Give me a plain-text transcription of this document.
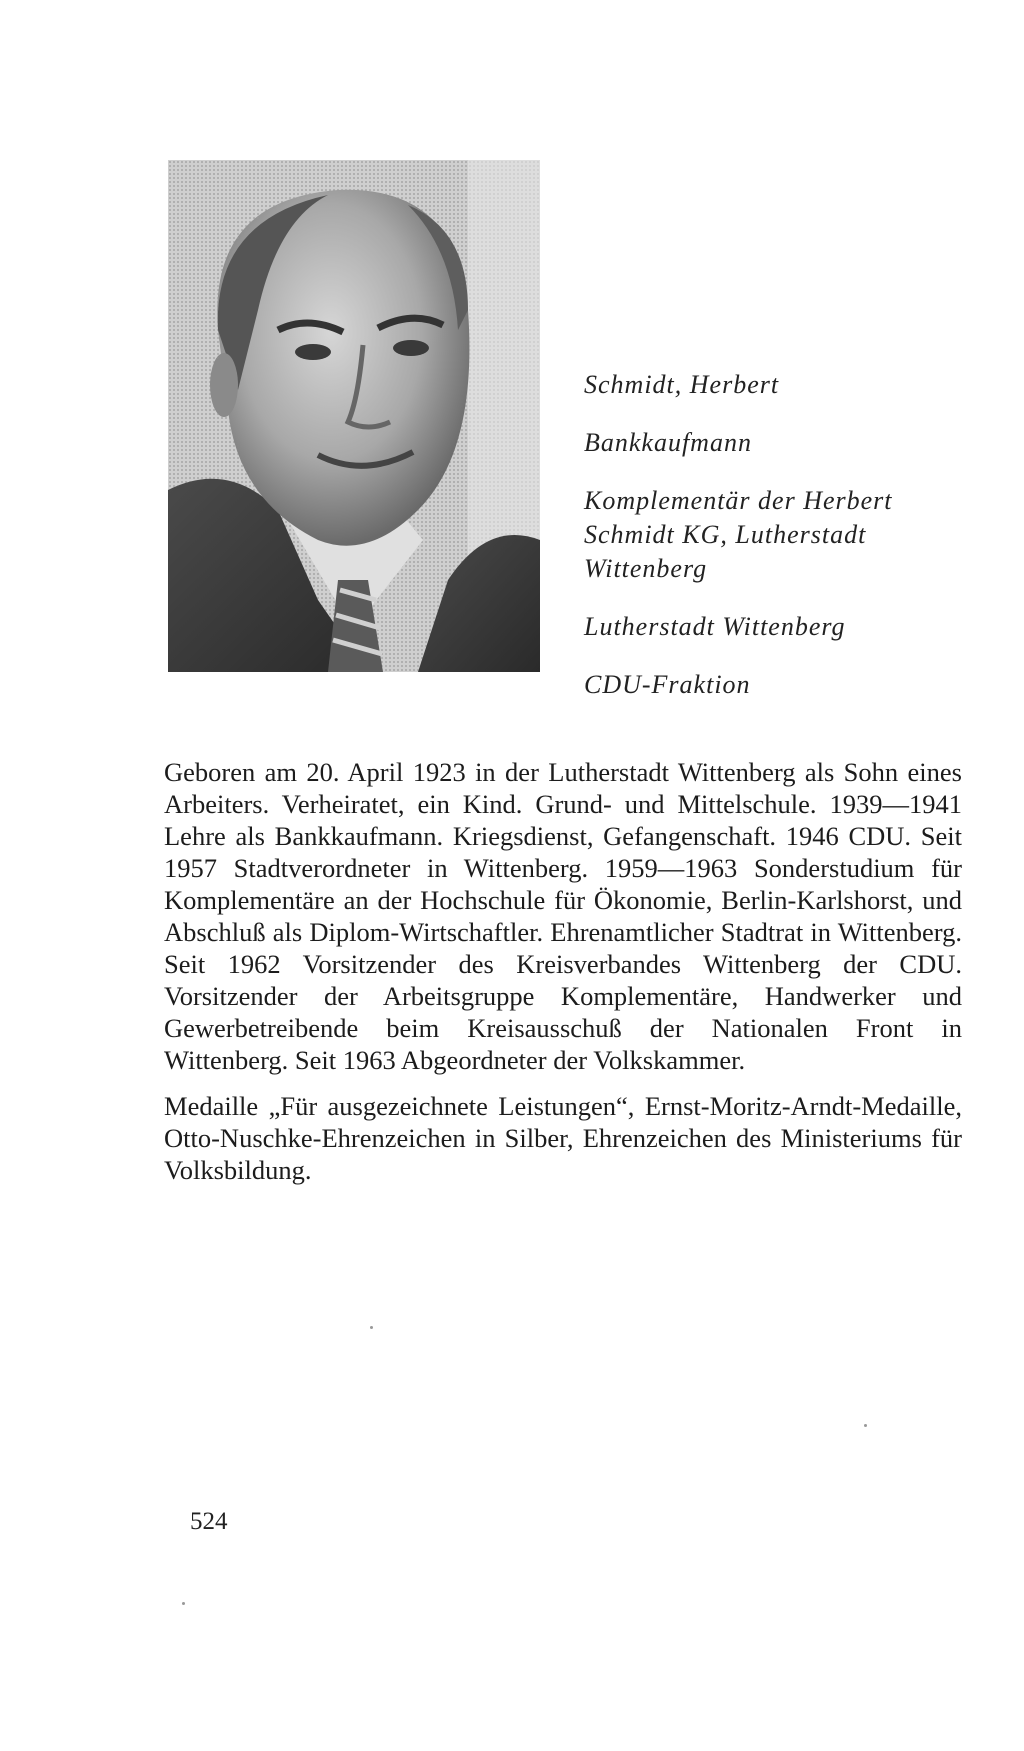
Schmidt, Herbert

Bankkaufmann

Komplementär der Herbert

Schmidt KG, Lutherstadt

Wittenberg

Lutherstadt Wittenberg

CDU-Fraktion

Geboren am 20. April 1923 in der Lutherstadt Wittenberg als Sohn eines Arbeiters. Verheiratet, ein Kind. Grund- und Mittelschule. 1939—1941 Lehre als Bankkaufmann. Kriegsdienst, Gefangenschaft. 1946 CDU. Seit 1957 Stadtverordneter in Wittenberg. 1959—1963 Sonderstudium für Komplementäre an der Hochschule für Ökonomie, Berlin-Karlshorst, und Abschluß als Diplom-Wirtschaftler. Ehrenamtlicher Stadtrat in Wittenberg. Seit 1962 Vorsitzender des Kreisverbandes Wittenberg der CDU. Vorsitzender der Arbeitsgruppe Komplementäre, Handwerker und Gewerbetreibende beim Kreisausschuß der Nationalen Front in Wittenberg. Seit 1963 Abgeordneter der Volkskammer.

Medaille „Für ausgezeichnete Leistungen“, Ernst-Moritz-Arndt-Medaille, Otto-Nuschke-Ehrenzeichen in Silber, Ehrenzeichen des Ministeriums für Volksbildung.

524
